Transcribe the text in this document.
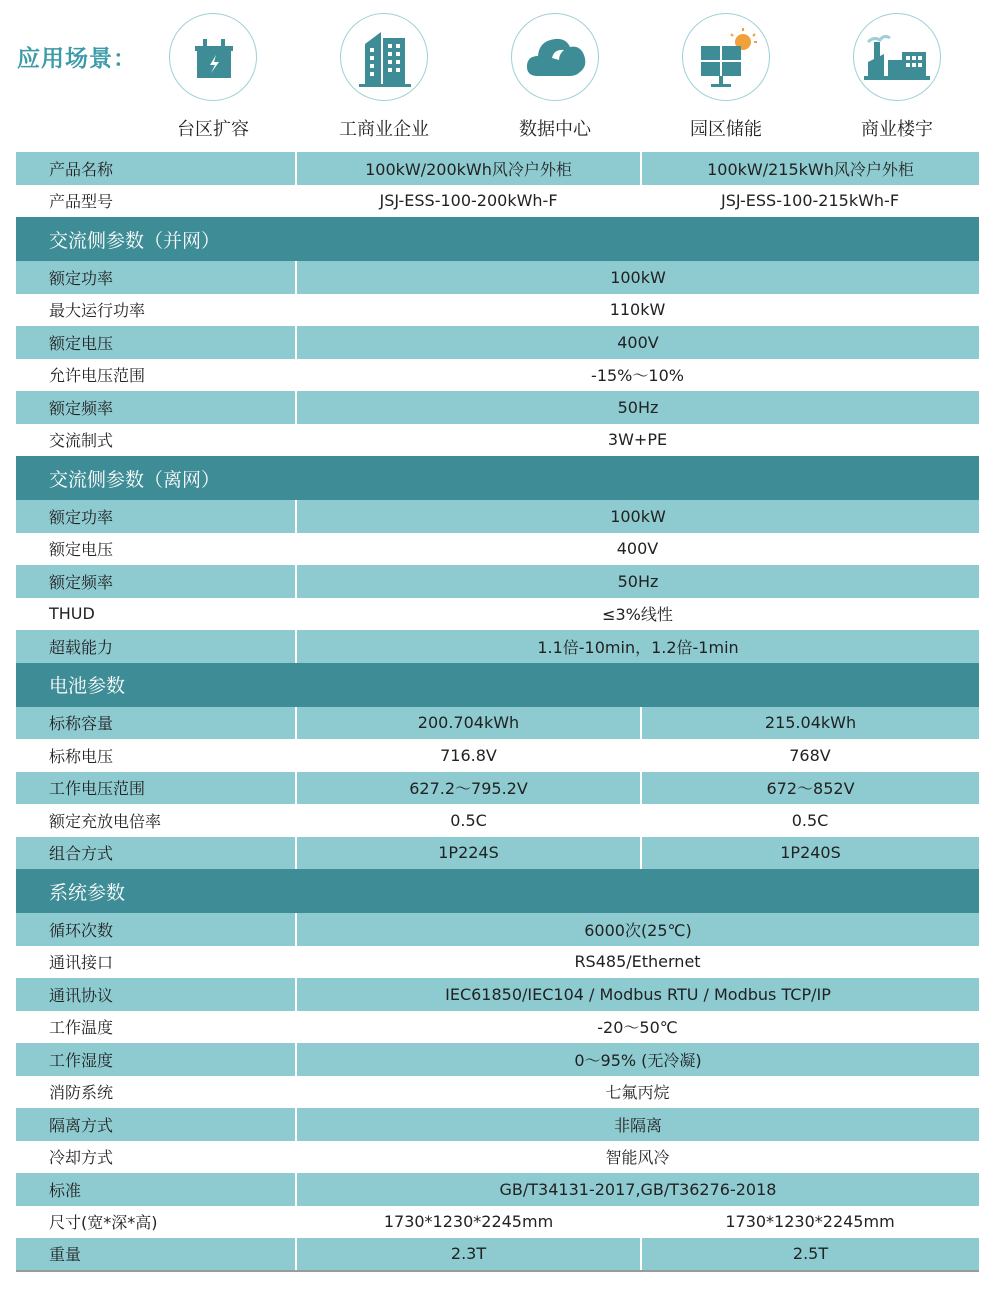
应用场景：
台区扩容	工商业企业	数据中心	园区储能	商业楼宇
产品名称	100kW/200kWh风冷户外柜	100kW/215kWh风冷户外柜
产品型号	JSJ-ESS-100-200kWh-F	JSJ-ESS-100-215kWh-F
交流侧参数（并网）		
额定功率	100kW	
最大运行功率	110kW	
额定电压	400V	
允许电压范围	-15%～10%	
额定频率	50Hz	
交流制式	3W+PE	
交流侧参数（离网）		
额定功率	100kW	
额定电压	400V	
额定频率	50Hz	
THUD	≤3%线性	
超载能力	1.1倍-10min，1.2倍-1min	
电池参数		
标称容量	200.704kWh	215.04kWh
标称电压	716.8V	768V
工作电压范围	627.2～795.2V	672～852V
额定充放电倍率	0.5C	0.5C
组合方式	1P224S	1P240S
系统参数		
循环次数	6000次(25℃)	
通讯接口	RS485/Ethernet	
通讯协议	IEC61850/IEC104 / Modbus RTU / Modbus TCP/IP	
工作温度	-20～50℃	
工作湿度	0～95% (无冷凝)	
消防系统	七氟丙烷	
隔离方式	非隔离	
冷却方式	智能风冷	
标准	GB/T34131-2017,GB/T36276-2018	
尺寸(宽*深*高)	1730*1230*2245mm	1730*1230*2245mm
重量	2.3T	2.5T
